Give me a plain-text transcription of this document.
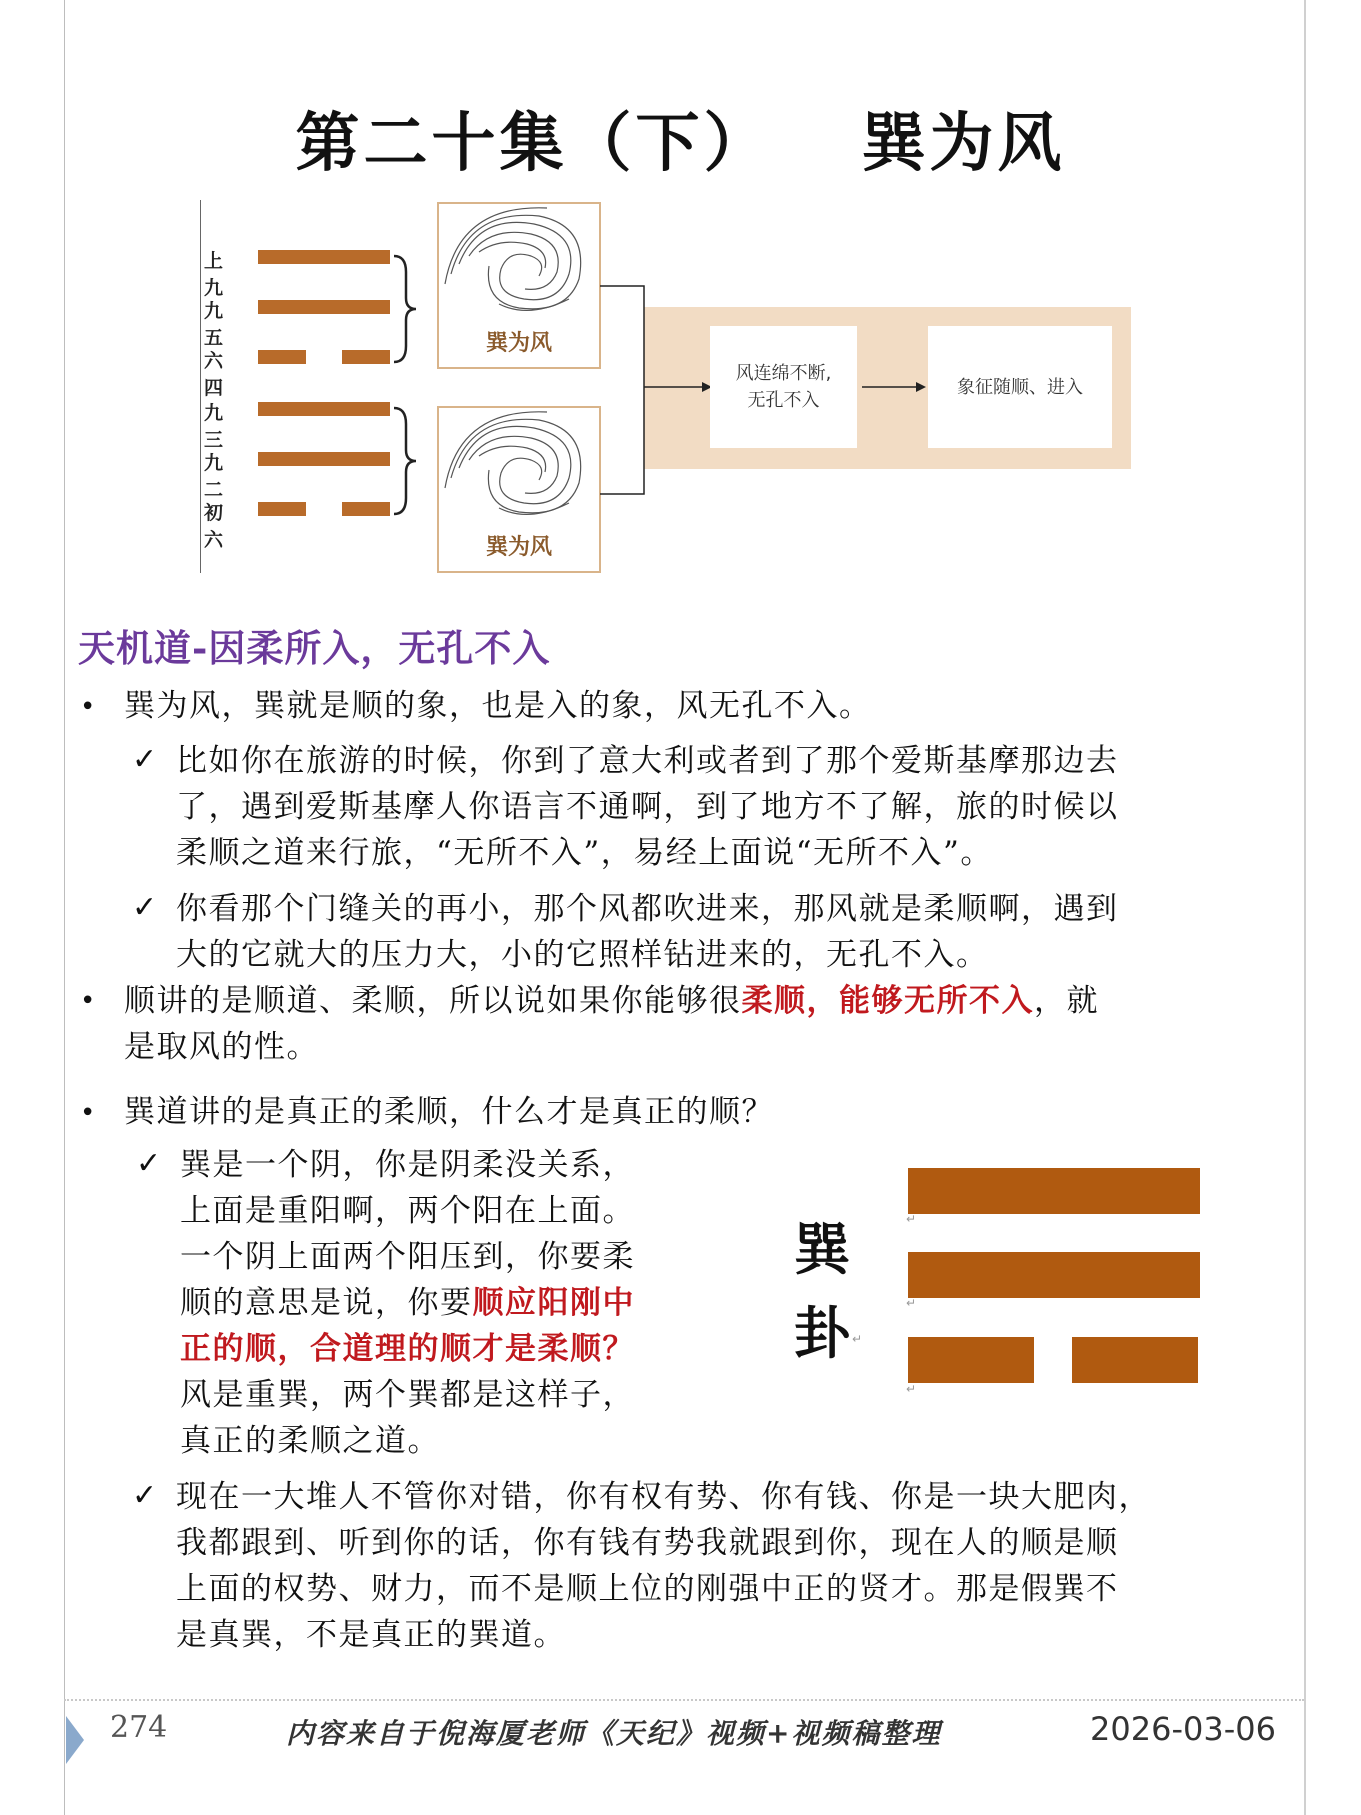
第二十集（下） 巽为风
上九
九五
六四
九三
九二
初六
巽为风
巽为风
风连绵不断,
无孔不入
象征随顺、进入
天机道-因柔所入，无孔不入
• 巽为风，巽就是顺的象，也是入的象，风无孔不入。
✓ 比如你在旅游的时候，你到了意大利或者到了那个爱斯基摩那边去
了，遇到爱斯基摩人你语言不通啊，到了地方不了解，旅的时候以
柔顺之道来行旅，“无所不入”，易经上面说“无所不入”。
✓ 你看那个门缝关的再小，那个风都吹进来，那风就是柔顺啊，遇到
大的它就大的压力大，小的它照样钻进来的，无孔不入。
• 顺讲的是顺道、柔顺，所以说如果你能够很柔顺，能够无所不入，就
是取风的性。
• 巽道讲的是真正的柔顺，什么才是真正的顺？
✓ 巽是一个阴，你是阴柔没关系，
上面是重阳啊，两个阳在上面。
一个阴上面两个阳压到，你要柔
顺的意思是说，你要顺应阳刚中
正的顺，合道理的顺才是柔顺？
风是重巽，两个巽都是这样子，
真正的柔顺之道。
巽
卦
↵
↵
↵
↵
✓ 现在一大堆人不管你对错，你有权有势、你有钱、你是一块大肥肉，
我都跟到、听到你的话，你有钱有势我就跟到你，现在人的顺是顺
上面的权势、财力，而不是顺上位的刚强中正的贤才。那是假巽不
是真巽，不是真正的巽道。
274	内容来自于倪海厦老师《天纪》视频+视频稿整理	2026-03-06
